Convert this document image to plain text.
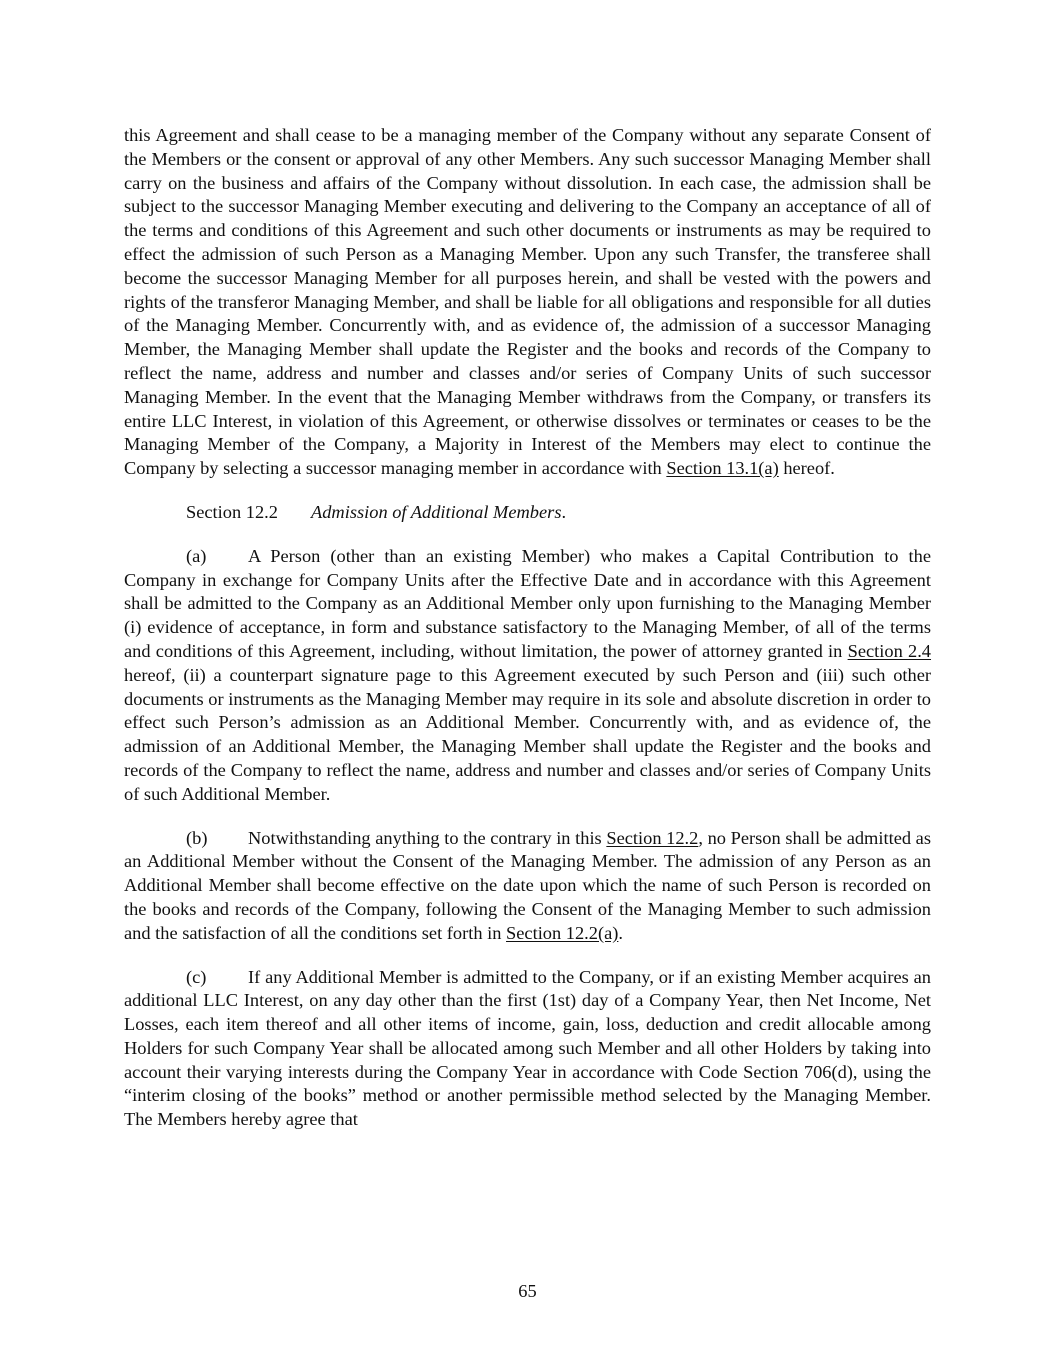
this Agreement and shall cease to be a managing member of the Company without any separate Consent of the Members or the consent or approval of any other Members. Any such successor Managing Member shall carry on the business and affairs of the Company without dissolution. In each case, the admission shall be subject to the successor Managing Member executing and delivering to the Company an acceptance of all of the terms and conditions of this Agreement and such other documents or instruments as may be required to effect the admission of such Person as a Managing Member. Upon any such Transfer, the transferee shall become the successor Managing Member for all purposes herein, and shall be vested with the powers and rights of the transferor Managing Member, and shall be liable for all obligations and responsible for all duties of the Managing Member. Concurrently with, and as evidence of, the admission of a successor Managing Member, the Managing Member shall update the Register and the books and records of the Company to reflect the name, address and number and classes and/or series of Company Units of such successor Managing Member. In the event that the Managing Member withdraws from the Company, or transfers its entire LLC Interest, in violation of this Agreement, or otherwise dissolves or terminates or ceases to be the Managing Member of the Company, a Majority in Interest of the Members may elect to continue the Company by selecting a successor managing member in accordance with Section 13.1(a) hereof.

Section 12.2 Admission of Additional Members.

(a) A Person (other than an existing Member) who makes a Capital Contribution to the Company in exchange for Company Units after the Effective Date and in accordance with this Agreement shall be admitted to the Company as an Additional Member only upon furnishing to the Managing Member (i) evidence of acceptance, in form and substance satisfactory to the Managing Member, of all of the terms and conditions of this Agreement, including, without limitation, the power of attorney granted in Section 2.4 hereof, (ii) a counterpart signature page to this Agreement executed by such Person and (iii) such other documents or instruments as the Managing Member may require in its sole and absolute discretion in order to effect such Person’s admission as an Additional Member. Concurrently with, and as evidence of, the admission of an Additional Member, the Managing Member shall update the Register and the books and records of the Company to reflect the name, address and number and classes and/or series of Company Units of such Additional Member.

(b) Notwithstanding anything to the contrary in this Section 12.2, no Person shall be admitted as an Additional Member without the Consent of the Managing Member. The admission of any Person as an Additional Member shall become effective on the date upon which the name of such Person is recorded on the books and records of the Company, following the Consent of the Managing Member to such admission and the satisfaction of all the conditions set forth in Section 12.2(a).

(c) If any Additional Member is admitted to the Company, or if an existing Member acquires an additional LLC Interest, on any day other than the first (1st) day of a Company Year, then Net Income, Net Losses, each item thereof and all other items of income, gain, loss, deduction and credit allocable among Holders for such Company Year shall be allocated among such Member and all other Holders by taking into account their varying interests during the Company Year in accordance with Code Section 706(d), using the “interim closing of the books” method or another permissible method selected by the Managing Member. The Members hereby agree that

65
